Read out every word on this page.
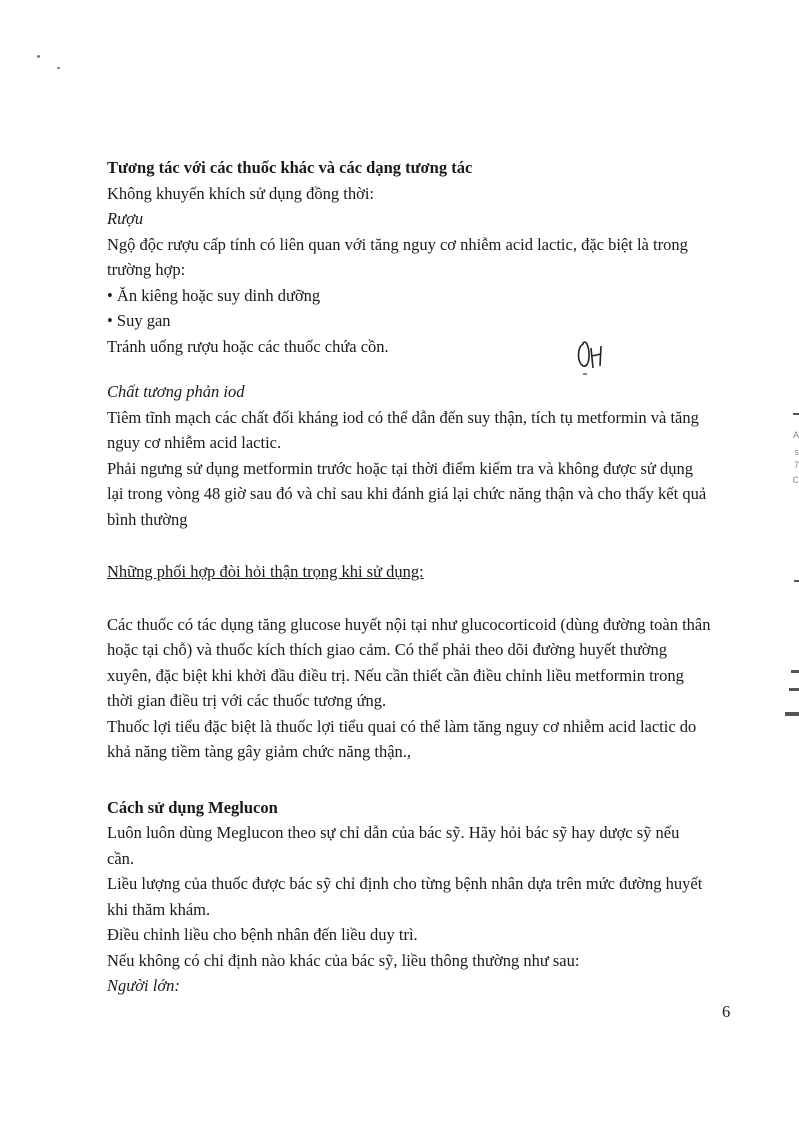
Tương tác với các thuốc khác và các dạng tương tác
Không khuyến khích sử dụng đồng thời:
Rượu
Ngộ độc rượu cấp tính có liên quan với tăng nguy cơ nhiễm acid lactic, đặc biệt là trong
trường hợp:
• Ăn kiêng hoặc suy dinh dưỡng
• Suy gan
Tránh uống rượu hoặc các thuốc chứa cồn.
Chất tương phản iod
Tiêm tĩnh mạch các chất đối kháng iod có thể dẫn đến suy thận, tích tụ metformin và tăng
nguy cơ nhiễm acid lactic.
Phải ngưng sử dụng metformin trước hoặc tại thời điểm kiểm tra và không được sử dụng
lại trong vòng 48 giờ sau đó và chỉ sau khi đánh giá lại chức năng thận và cho thấy kết quả
bình thường
Những phối hợp đòi hỏi thận trọng khi sử dụng:
Các thuốc có tác dụng tăng glucose huyết nội tại như glucocorticoid (dùng đường toàn thân
hoặc tại chỗ) và thuốc kích thích giao cảm. Có thể phải theo dõi đường huyết thường
xuyên, đặc biệt khi khởi đầu điều trị. Nếu cần thiết cần điều chỉnh liều metformin trong
thời gian điều trị với các thuốc tương ứng.
Thuốc lợi tiểu đặc biệt là thuốc lợi tiểu quai có thể làm tăng nguy cơ nhiễm acid lactic do
khả năng tiềm tàng gây giảm chức năng thận.,
Cách sử dụng Meglucon
Luôn luôn dùng Meglucon theo sự chỉ dẫn của bác sỹ. Hãy hỏi bác sỹ hay dược sỹ nếu
cần.
Liều lượng của thuốc được bác sỹ chỉ định cho từng bệnh nhân dựa trên mức đường huyết
khi thăm khám.
Điều chỉnh liều cho bệnh nhân đến liều duy trì.
Nếu không có chỉ định nào khác của bác sỹ, liều thông thường như sau:
Người lớn:
A
s
7
C
6
